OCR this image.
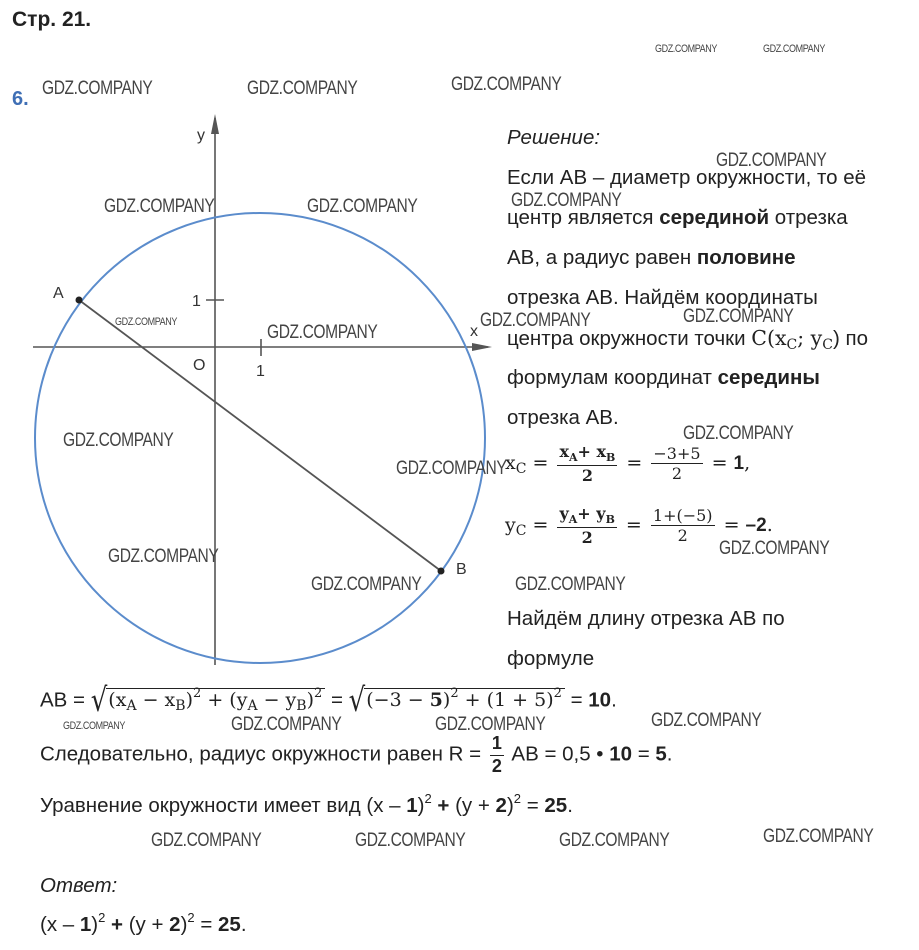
Стр. 21.
6.
GDZ.COMPANY	GDZ.COMPANY
GDZ.COMPANY	GDZ.COMPANY	GDZ.COMPANY
y
x
O	1
1
A
B
GDZ.COMPANY	GDZ.COMPANY
GDZ.COMPANY	GDZ.COMPANY
GDZ.COMPANY
GDZ.COMPANY
GDZ.COMPANY
GDZ.COMPANY
Решение:
Если АВ – диаметр окружности, то её
центр является серединой отрезка
АВ, а радиус равен половине
отрезка АВ. Найдём координаты
центра окружности точки $C(x_C$; $y_C$) по
формулам координат середины
отрезка АВ.
$x_C = \frac{x_A+ x_B}{2} = \frac{-3+5}{2} = 1$,
$y_C = \frac{y_A+ y_B}{2} = \frac{1+(-5)}{2} = -2$.
Найдём длину отрезка АВ по
формуле
GDZ.COMPANY
GDZ.COMPANY
GDZ.COMPANY	GDZ.COMPANY
GDZ.COMPANY
GDZ.COMPANY
GDZ.COMPANY
AB = $√(x_A - x_B)^2 + (y_A - y_B)^2 = √(-3 - 5)^2 + (1 + 5)^2 = 10$.
GDZ.COMPANY	GDZ.COMPANY	GDZ.COMPANY	GDZ.COMPANY
Следовательно, радиус окружности равен $R = \frac{1}{2}$ AB = 0,5 • 10 = 5.
Уравнение окружности имеет вид $(x - 1)^2 + (y + 2)^2 = 25$.
GDZ.COMPANY	GDZ.COMPANY	GDZ.COMPANY	GDZ.COMPANY
Ответ:
$(x - 1)^2 + (y + 2)^2 = 25$.
